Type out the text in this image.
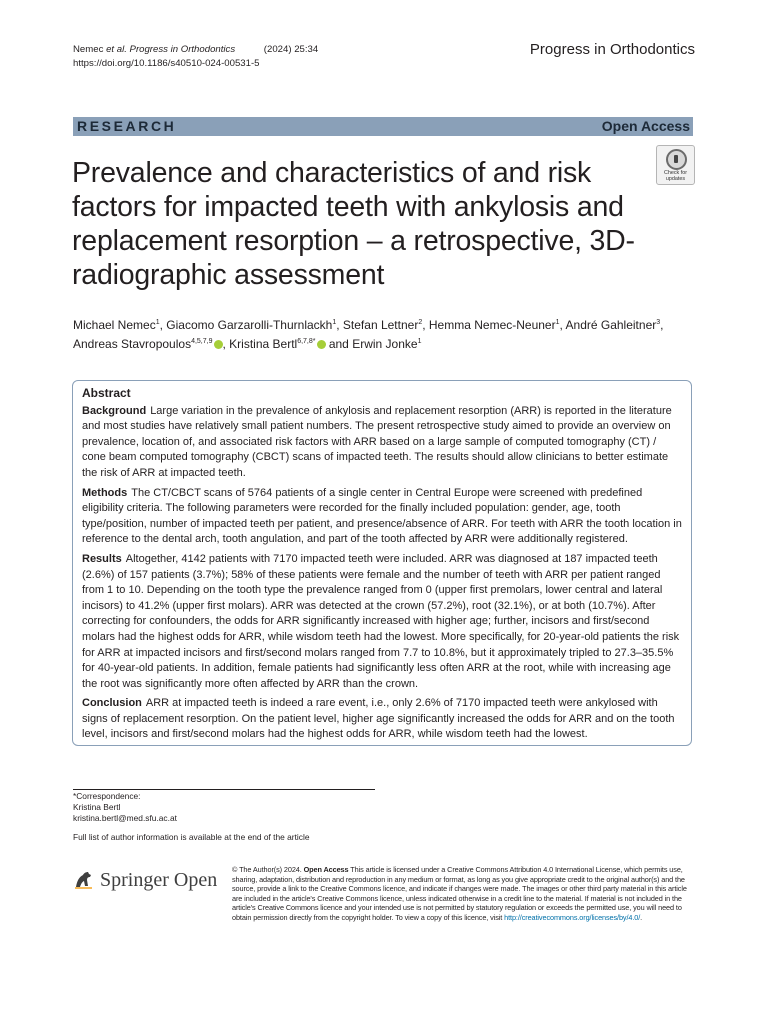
Nemec et al. Progress in Orthodontics	(2024) 25:34
https://doi.org/10.1186/s40510-024-00531-5
Progress in Orthodontics
RESEARCH	Open Access
Check for
updates
Prevalence and characteristics of and risk factors for impacted teeth with ankylosis and replacement resorption – a retrospective, 3D-radiographic assessment
Michael Nemec$^1$, Giacomo Garzarolli-Thurnlackh$^1$, Stefan Lettner$^2$, Hemma Nemec-Neuner$^1$, André Gahleitner$^3$,
Andreas Stavropoulos$^{4,5,7,9}$ , Kristina Bertl$^{6,7,8*}$ and Erwin Jonke$^1$
Abstract

Background Large variation in the prevalence of ankylosis and replacement resorption (ARR) is reported in the literature and most studies have relatively small patient numbers. The present retrospective study aimed to provide an overview on prevalence, location of, and associated risk factors with ARR based on a large sample of computed tomography (CT) / cone beam computed tomography (CBCT) scans of impacted teeth. The results should allow clinicians to better estimate the risk of ARR at impacted teeth.

Methods The CT/CBCT scans of 5764 patients of a single center in Central Europe were screened with predefined eligibility criteria. The following parameters were recorded for the finally included population: gender, age, tooth type/position, number of impacted teeth per patient, and presence/absence of ARR. For teeth with ARR the tooth location in reference to the dental arch, tooth angulation, and part of the tooth affected by ARR were additionally registered.

Results Altogether, 4142 patients with 7170 impacted teeth were included. ARR was diagnosed at 187 impacted teeth (2.6%) of 157 patients (3.7%); 58% of these patients were female and the number of teeth with ARR per patient ranged from 1 to 10. Depending on the tooth type the prevalence ranged from 0 (upper first premolars, lower central and lateral incisors) to 41.2% (upper first molars). ARR was detected at the crown (57.2%), root (32.1%), or at both (10.7%). After correcting for confounders, the odds for ARR significantly increased with higher age; further, incisors and first/second molars had the highest odds for ARR, while wisdom teeth had the lowest. More specifically, for 20-year-old patients the risk for ARR at impacted incisors and first/second molars ranged from 7.7 to 10.8%, but it approximately tripled to 27.3–35.5% for 40-year-old patients. In addition, female patients had significantly less often ARR at the root, while with increasing age the root was significantly more often affected by ARR than the crown.

Conclusion ARR at impacted teeth is indeed a rare event, i.e., only 2.6% of 7170 impacted teeth were ankylosed with signs of replacement resorption. On the patient level, higher age significantly increased the odds for ARR and on the tooth level, incisors and first/second molars had the highest odds for ARR, while wisdom teeth had the lowest.

*Correspondence:
Kristina Bertl
kristina.bertl@med.sfu.ac.at
Full list of author information is available at the end of the article
Springer Open © The Author(s) 2024. Open Access This article is licensed under a Creative Commons Attribution 4.0 International License, which permits use, sharing, adaptation, distribution and reproduction in any medium or format, as long as you give appropriate credit to the original author(s) and the source, provide a link to the Creative Commons licence, and indicate if changes were made. The images or other third party material in this article are included in the article's Creative Commons licence, unless indicated otherwise in a credit line to the material. If material is not included in the article's Creative Commons licence and your intended use is not permitted by statutory regulation or exceeds the permitted use, you will need to obtain permission directly from the copyright holder. To view a copy of this licence, visit http://creativecommons.org/licenses/by/4.0/.
